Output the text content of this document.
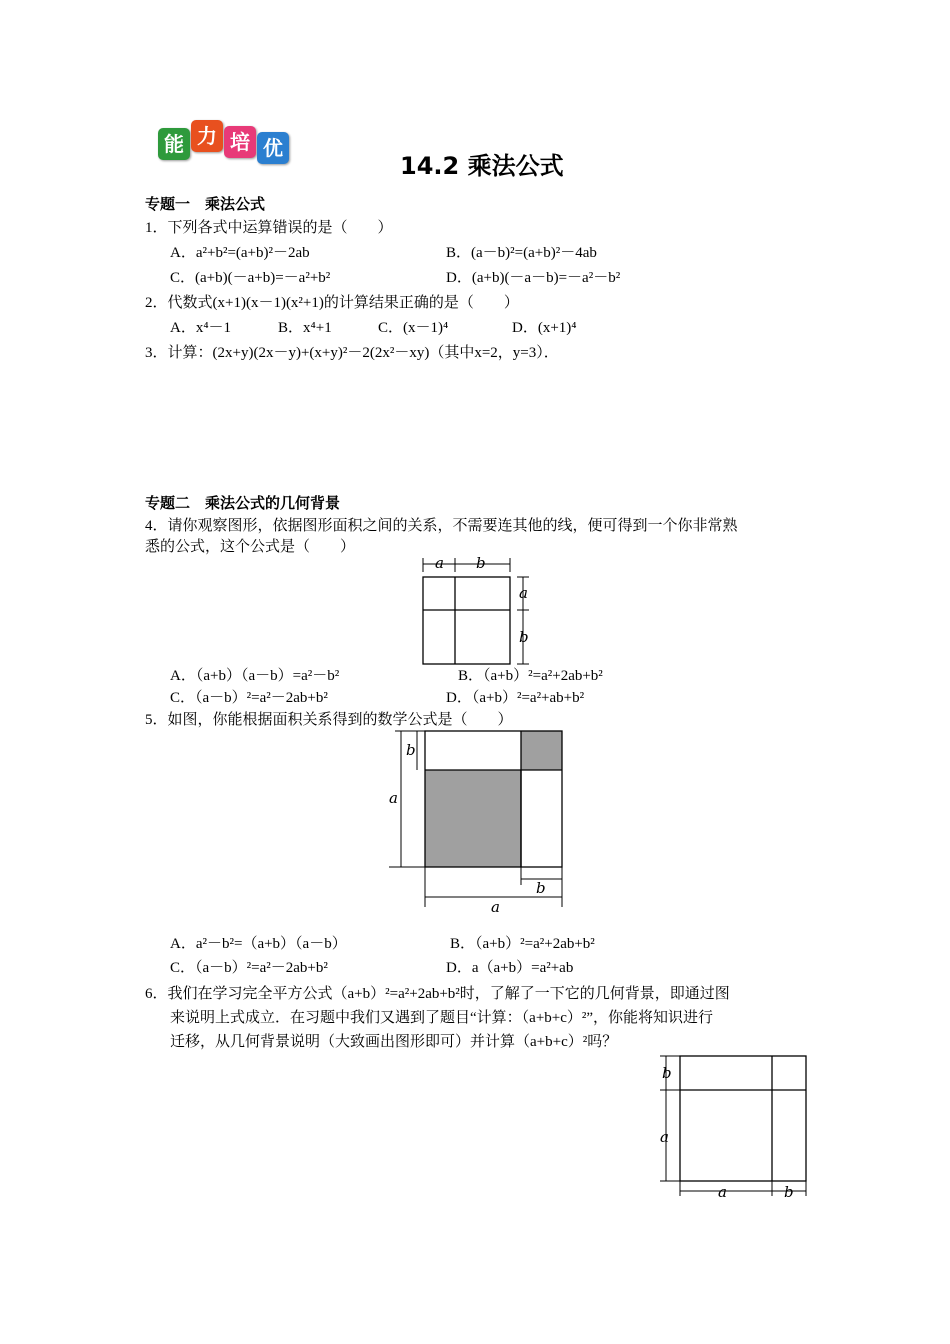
能 力 培 优
14.2 乘法公式
专题一　乘法公式
1．下列各式中运算错误的是（　　）
A．a²+b²=(a+b)²－2ab	B．(a－b)²=(a+b)²－4ab
C．(a+b)(－a+b)=－a²+b²	D．(a+b)(－a－b)=－a²－b²
2．代数式(x+1)(x－1)(x²+1)的计算结果正确的是（　　）
A．x⁴－1	B．x⁴+1	C．(x－1)⁴	D．(x+1)⁴
3．计算：(2x+y)(2x－y)+(x+y)²－2(2x²－xy)（其中x=2，y=3）．
专题二　乘法公式的几何背景
4．请你观察图形，依据图形面积之间的关系，不需要连其他的线，便可得到一个你非常熟
悉的公式，这个公式是（　　）
a b
a
b
A．（a+b）（a－b）=a²－b²	B．（a+b）²=a²+2ab+b²
C．（a－b）²=a²－2ab+b²	D．（a+b）²=a²+ab+b²
5．如图，你能根据面积关系得到的数学公式是（　　）
b
a
b
a
A．a²－b²=（a+b）（a－b）	B．（a+b）²=a²+2ab+b²
C．（a－b）²=a²－2ab+b²	D．a（a+b）=a²+ab
6．我们在学习完全平方公式（a+b）²=a²+2ab+b²时，了解了一下它的几何背景，即通过图
来说明上式成立．在习题中我们又遇到了题目“计算：（a+b+c）²”，你能将知识进行
迁移，从几何背景说明（大致画出图形即可）并计算（a+b+c）²吗？
b
a
a	b
